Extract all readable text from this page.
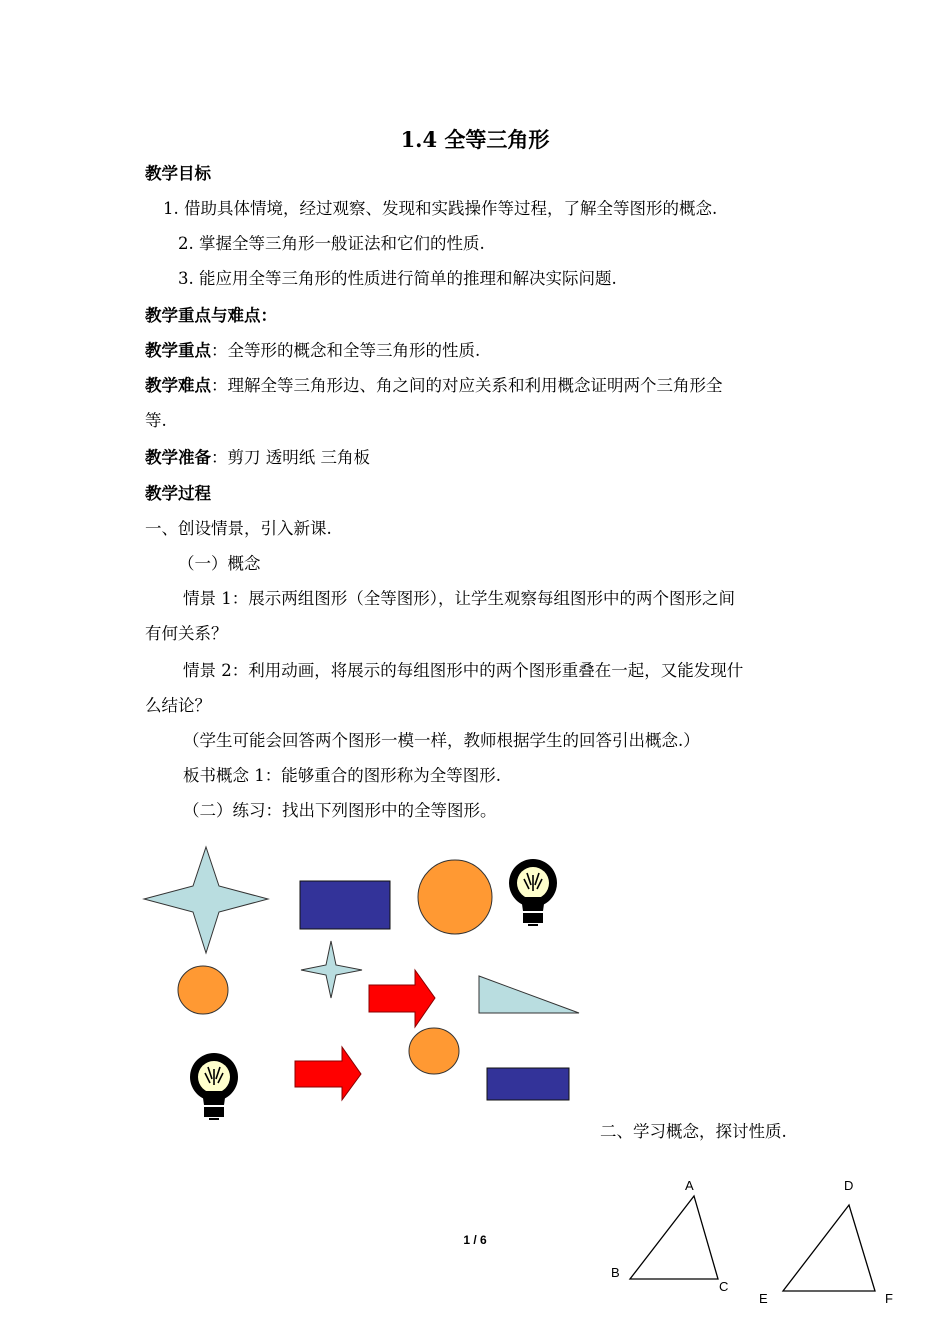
1.4 全等三角形
教学目标
1. 借助具体情境，经过观察、发现和实践操作等过程，了解全等图形的概念.
2. 掌握全等三角形一般证法和它们的性质.
3. 能应用全等三角形的性质进行简单的推理和解决实际问题.
教学重点与难点：
教学重点：全等形的概念和全等三角形的性质.
教学难点：理解全等三角形边、角之间的对应关系和利用概念证明两个三角形全
等.
教学准备：剪刀 透明纸 三角板
教学过程
一、创设情景，引入新课.
（一）概念
情景 1：展示两组图形（全等图形），让学生观察每组图形中的两个图形之间
有何关系？
情景 2：利用动画，将展示的每组图形中的两个图形重叠在一起，又能发现什
么结论？
（学生可能会回答两个图形一模一样，教师根据学生的回答引出概念.）
板书概念 1：能够重合的图形称为全等图形.
（二）练习：找出下列图形中的全等图形。
A
B
C
D
E	F
二、学习概念，探讨性质.
1 / 6
